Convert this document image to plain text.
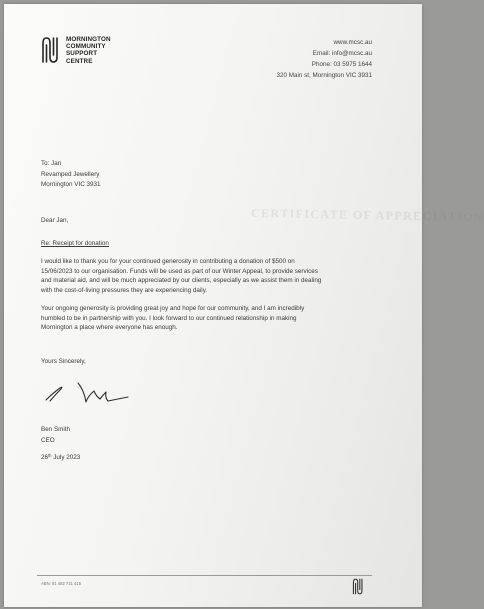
MORNINGTON
COMMUNITY
SUPPORT
CENTRE
www.mcsc.au
Email: info@mcsc.au
Phone: 03 5975 1644
320 Main st, Mornington VIC 3931
To: Jan
Revamped Jewellery
Mornington VIC 3931
CERTIFICATE OF APPRECIATION
Dear Jan,
Re: Receipt for donation
I would like to thank you for your continued generosity in contributing a donation of $500 on
15/06/2023 to our organisation. Funds will be used as part of our Winter Appeal, to provide services
and material aid, and will be much appreciated by our clients, especially as we assist them in dealing
with the cost-of-living pressures they are experiencing daily.
Your ongoing generosity is providing great joy and hope for our community, and I am incredibly
humbled to be in partnership with you. I look forward to our continued relationship in making
Mornington a place where everyone has enough.
Yours Sincerely,
Ben Smith
CEO
26th July 2023
ABN: 91 482 731 415
